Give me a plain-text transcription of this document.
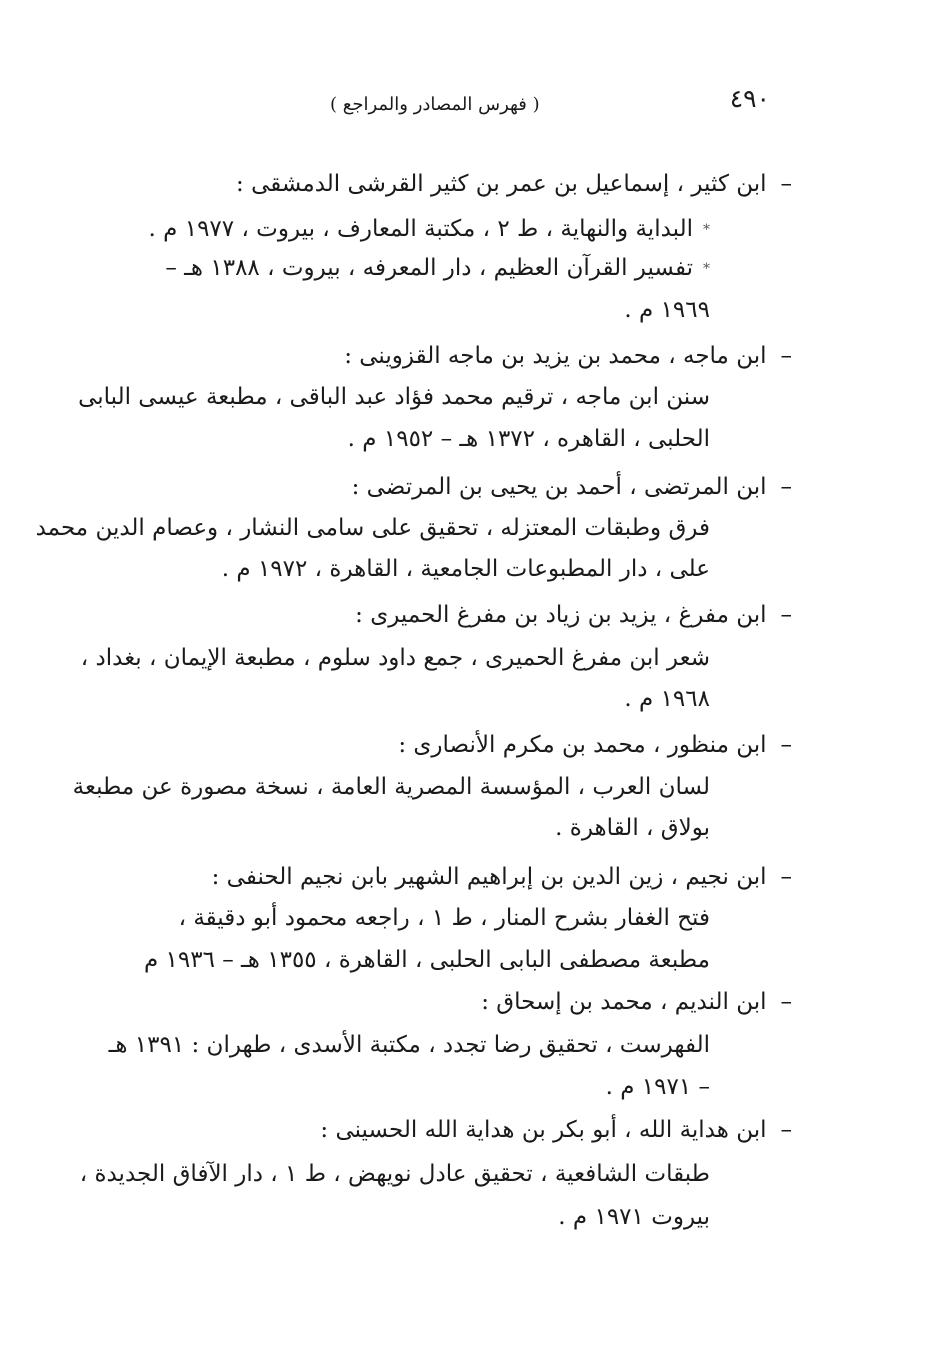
٤٩٠
( فهرس المصادر والمراجع )
–ابن كثير ، إسماعيل بن عمر بن كثير القرشى الدمشقى :
*البداية والنهاية ، ط ٢ ، مكتبة المعارف ، بيروت ، ١٩٧٧ م .
*تفسير القرآن العظيم ، دار المعرفه ، بيروت ، ١٣٨٨ هـ –
١٩٦٩ م .
–ابن ماجه ، محمد بن يزيد بن ماجه القزوينى :
سنن ابن ماجه ، ترقيم محمد فؤاد عبد الباقى ، مطبعة عيسى البابى
الحلبى ، القاهره ، ١٣٧٢ هـ – ١٩٥٢ م .
–ابن المرتضى ، أحمد بن يحيى بن المرتضى :
فرق وطبقات المعتزله ، تحقيق على سامى النشار ، وعصام الدين محمد
على ، دار المطبوعات الجامعية ، القاهرة ، ١٩٧٢ م .
–ابن مفرغ ، يزيد بن زياد بن مفرغ الحميرى :
شعر ابن مفرغ الحميرى ، جمع داود سلوم ، مطبعة الإيمان ، بغداد ،
١٩٦٨ م .
–ابن منظور ، محمد بن مكرم الأنصارى :
لسان العرب ، المؤسسة المصرية العامة ، نسخة مصورة عن مطبعة
بولاق ، القاهرة .
–ابن نجيم ، زين الدين بن إبراهيم الشهير بابن نجيم الحنفى :
فتح الغفار بشرح المنار ، ط ١ ، راجعه محمود أبو دقيقة ،
مطبعة مصطفى البابى الحلبى ، القاهرة ، ١٣٥٥ هـ – ١٩٣٦ م
–ابن النديم ، محمد بن إسحاق :
الفهرست ، تحقيق رضا تجدد ، مكتبة الأسدى ، طهران : ١٣٩١ هـ
– ١٩٧١ م .
–ابن هداية الله ، أبو بكر بن هداية الله الحسينى :
طبقات الشافعية ، تحقيق عادل نويهض ، ط ١ ، دار الآفاق الجديدة ،
بيروت ١٩٧١ م .
